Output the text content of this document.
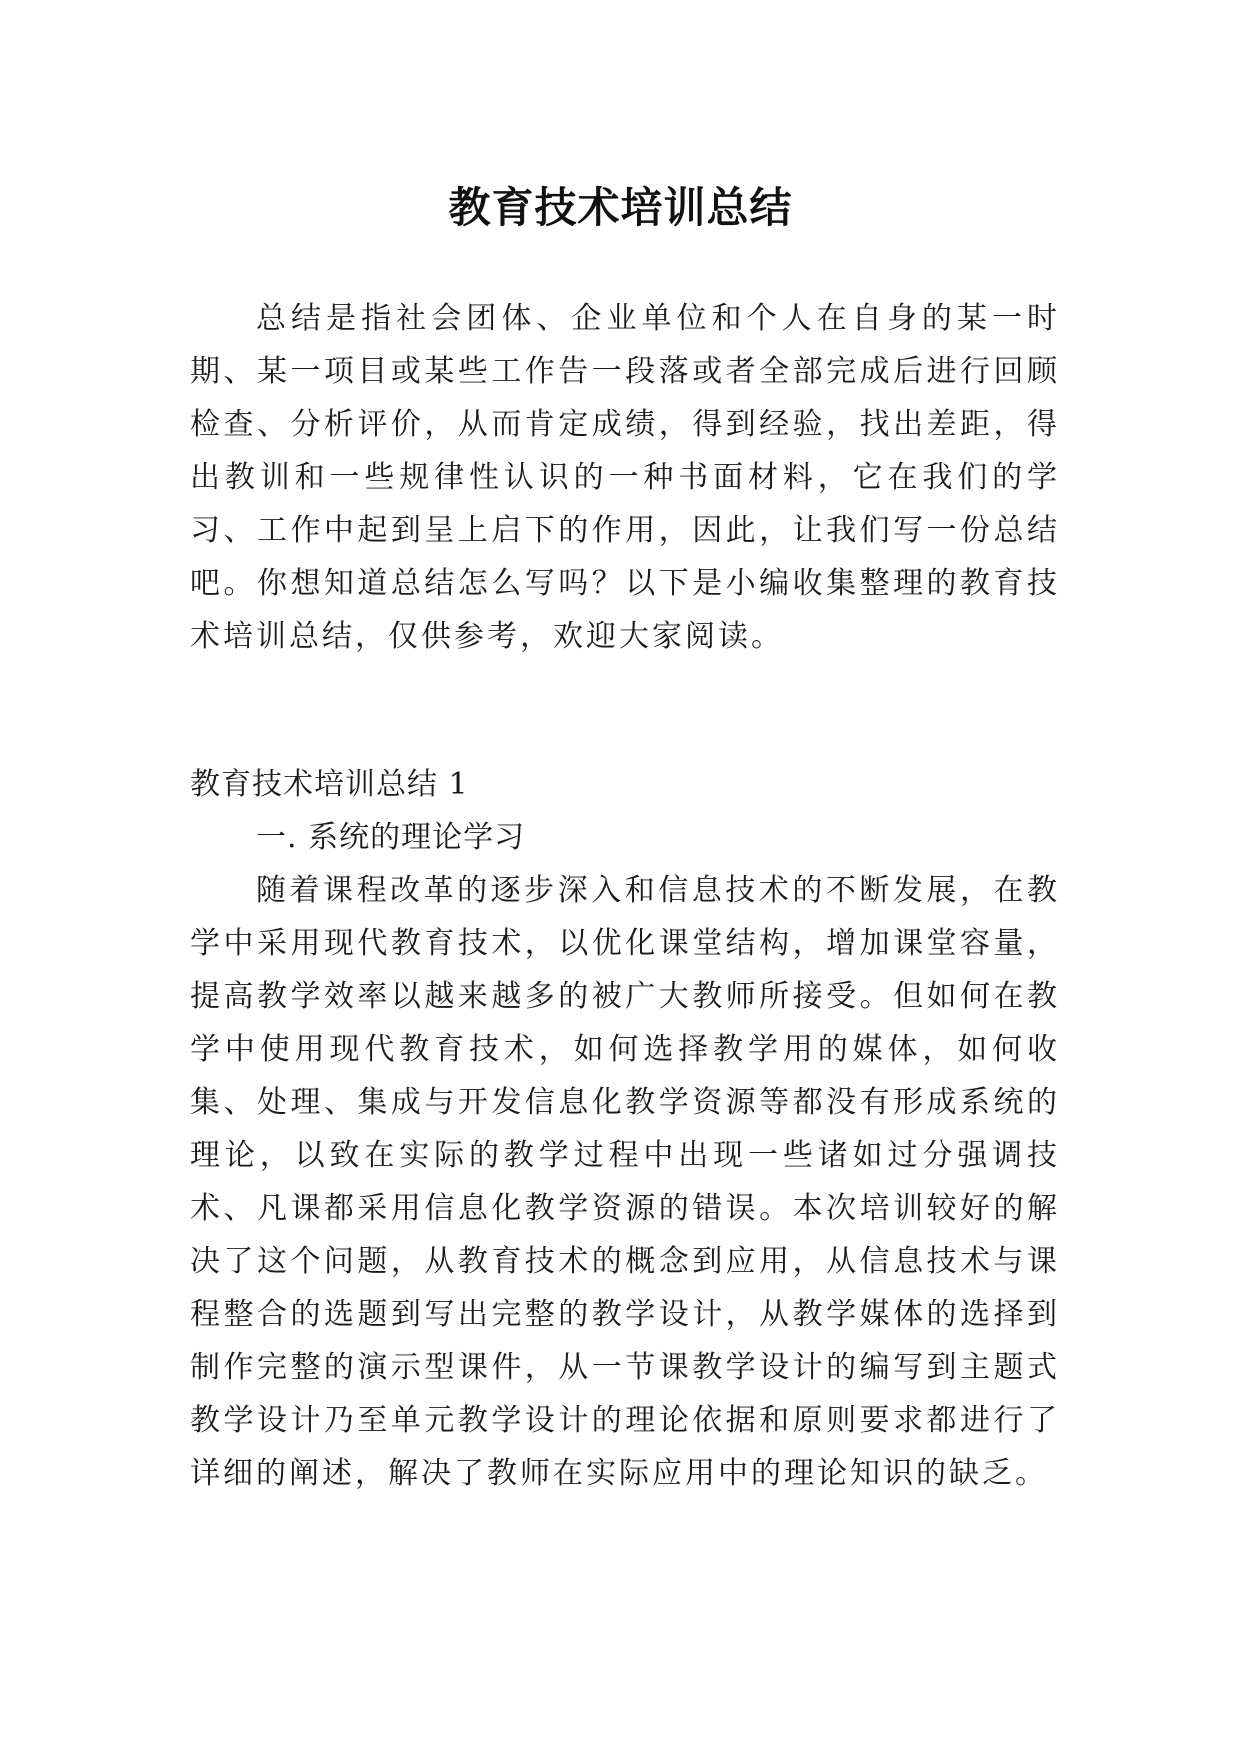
教育技术培训总结

总结是指社会团体、企业单位和个人在自身的某一时期、某一项目或某些工作告一段落或者全部完成后进行回顾检查、分析评价，从而肯定成绩，得到经验，找出差距，得出教训和一些规律性认识的一种书面材料，它在我们的学习、工作中起到呈上启下的作用，因此，让我们写一份总结吧。你想知道总结怎么写吗？以下是小编收集整理的教育技术培训总结，仅供参考，欢迎大家阅读。

教育技术培训总结 1

一. 系统的理论学习

随着课程改革的逐步深入和信息技术的不断发展，在教学中采用现代教育技术，以优化课堂结构，增加课堂容量，提高教学效率以越来越多的被广大教师所接受。但如何在教学中使用现代教育技术，如何选择教学用的媒体，如何收集、处理、集成与开发信息化教学资源等都没有形成系统的理论，以致在实际的教学过程中出现一些诸如过分强调技术、凡课都采用信息化教学资源的错误。本次培训较好的解决了这个问题，从教育技术的概念到应用，从信息技术与课程整合的选题到写出完整的教学设计，从教学媒体的选择到制作完整的演示型课件，从一节课教学设计的编写到主题式教学设计乃至单元教学设计的理论依据和原则要求都进行了详细的阐述，解决了教师在实际应用中的理论知识的缺乏。
